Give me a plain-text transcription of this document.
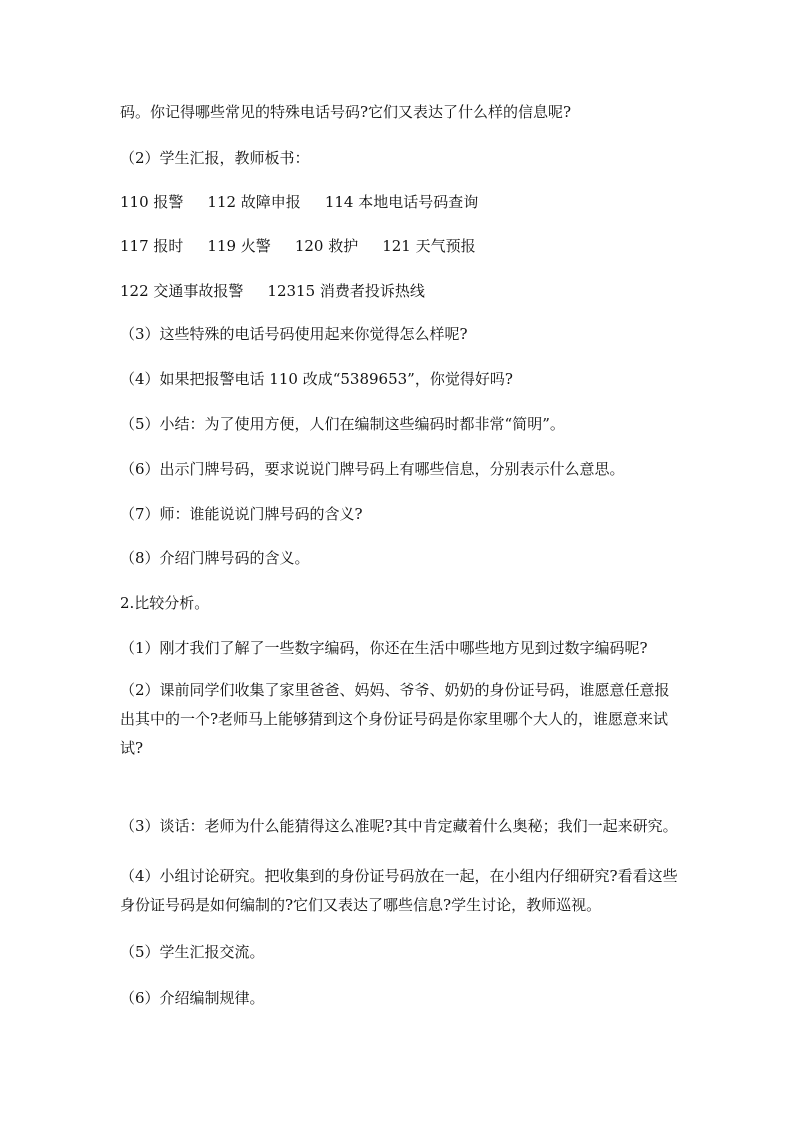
码。你记得哪些常见的特殊电话号码?它们又表达了什么样的信息呢?
（2）学生汇报，教师板书：
110 报警 112 故障申报 114 本地电话号码查询
117 报时 119 火警 120 救护 121 天气预报
122 交通事故报警 12315 消费者投诉热线
（3）这些特殊的电话号码使用起来你觉得怎么样呢?
（4）如果把报警电话 110 改成“5389653”，你觉得好吗?
（5）小结：为了使用方便，人们在编制这些编码时都非常“简明”。
（6）出示门牌号码，要求说说门牌号码上有哪些信息，分别表示什么意思。
（7）师：谁能说说门牌号码的含义?
（8）介绍门牌号码的含义。
2.比较分析。
（1）刚才我们了解了一些数字编码，你还在生活中哪些地方见到过数字编码呢?
（2）课前同学们收集了家里爸爸、妈妈、爷爷、奶奶的身份证号码，谁愿意任意报出其中的一个?老师马上能够猜到这个身份证号码是你家里哪个大人的，谁愿意来试试?
（3）谈话：老师为什么能猜得这么准呢?其中肯定藏着什么奥秘；我们一起来研究。
（4）小组讨论研究。把收集到的身份证号码放在一起，在小组内仔细研究?看看这些身份证号码是如何编制的?它们又表达了哪些信息?学生讨论，教师巡视。
（5）学生汇报交流。
（6）介绍编制规律。
